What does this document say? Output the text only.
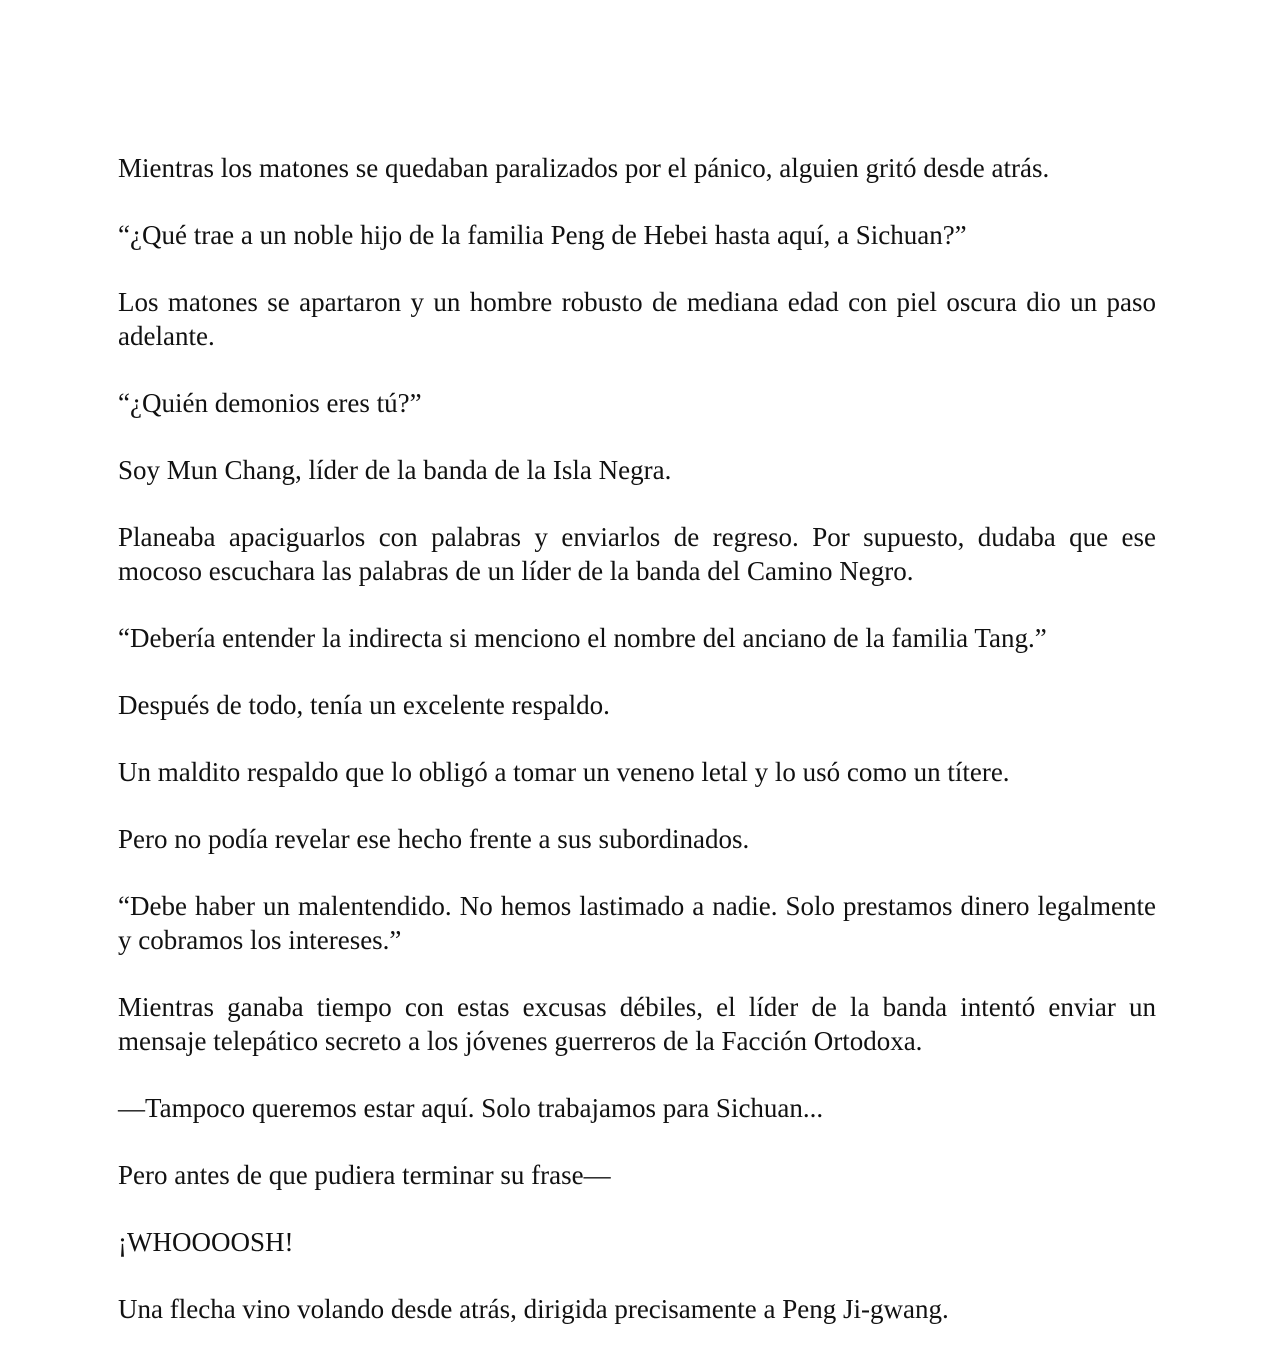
Mientras los matones se quedaban paralizados por el pánico, alguien gritó desde atrás.

“¿Qué trae a un noble hijo de la familia Peng de Hebei hasta aquí, a Sichuan?”

Los matones se apartaron y un hombre robusto de mediana edad con piel oscura dio un paso adelante.

“¿Quién demonios eres tú?”

Soy Mun Chang, líder de la banda de la Isla Negra.

Planeaba apaciguarlos con palabras y enviarlos de regreso. Por supuesto, dudaba que ese mocoso escuchara las palabras de un líder de la banda del Camino Negro.

“Debería entender la indirecta si menciono el nombre del anciano de la familia Tang.”

Después de todo, tenía un excelente respaldo.

Un maldito respaldo que lo obligó a tomar un veneno letal y lo usó como un títere.

Pero no podía revelar ese hecho frente a sus subordinados.

“Debe haber un malentendido. No hemos lastimado a nadie. Solo prestamos dinero legalmente y cobramos los intereses.”

Mientras ganaba tiempo con estas excusas débiles, el líder de la banda intentó enviar un mensaje telepático secreto a los jóvenes guerreros de la Facción Ortodoxa.

—Tampoco queremos estar aquí. Solo trabajamos para Sichuan...

Pero antes de que pudiera terminar su frase—

¡WHOOOOSH!

Una flecha vino volando desde atrás, dirigida precisamente a Peng Ji-gwang.
